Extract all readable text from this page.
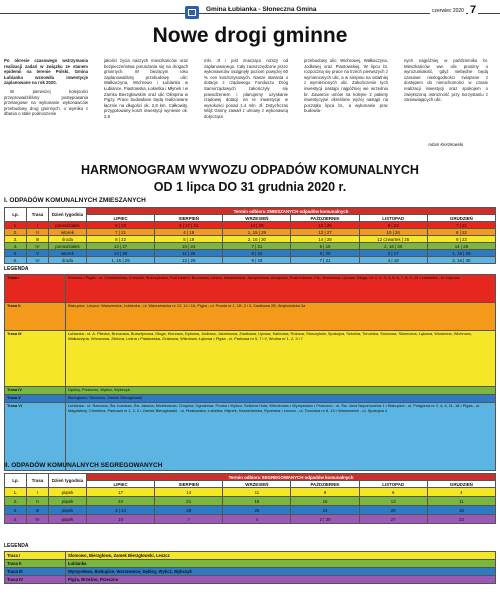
Gmina Łubianka - Słoneczna Gmina	czerwiec 2020 7
Nowe drogi gminne

Po okresie czasowego wstrzymania realizacji zadań w związku ze stanem epidemii na terenie Polski, Gmina Łubianka wznowiła inwestycje zaplanowane na rok 2020.

W pierwszej kolejności przeprowadziliśmy postępowania przetargowe na wykonanie wykonawców przebudowy drog gminnych, o wymiku z dbania o stale podnoszenie

jakości życia naszych mieszkańców oraz bezpieczeństwa poruszania się na drogach gminnych. W bieżącym roku zaplanowaliśmy przebudowę ulic: Wałkaczyna, Wichrowo i Łubianka w Łubiance, Piastowska, Łokietka i Młynek I w Zamku Bierzgłowskim oraz ulic Olimpina w Pigży. Prace budowlane będą realizowane łącznie na długości ok. 2,8 km. Całkowity, przygotowany koszt inwestycji wyniesie ok. 2,8

mln. zł i jest znacząco niższy od zaplanowanego. Cały zaoszczędzone przez wykonawców osiągnęły poziom powyżej 60 % cen kosztorysowych. Nasze starania o dotacje z rządowego Funduszu Dróg Samorządowych zakończyły się powodzeniem i planujemy uzyskanie rządowej dotacji na te inwestycje w wysokości ponad 1,4 mln. zł. Dotychczas Wójt Gminy zawarł z umowy z wykonawcą dotyczące

przebudowy ulic: Wichrowej, Wałkaczyna, Jodłowej oraz Piastowskiej. W lipcu br. rozpoczną się prace na trzech pierwszych z wymienionych ulic, a w sierpniu na ostatniej z wymienionych ulic. Zakończenie tych inwestycji nastąpi najpóźniej we wrześniu br. Zawarcie umów na kolejne 2 pakiety inwestycyjne określone wyżej nastąpi na początku lipca br., a wykonanie prac budowla-

nych najpóźniej w październiku br. Mieszkańców ww. ulic prosimy o wyrozumiałość, gdyż niebędne będą czasowe niedogodności związane z dostępem do nieruchomości w czasie realizacji inwestycji oraz spokojem o zwiększoną ostrożność przy korzystaniu z zamawiających ulic.

Adam Kierzkowski
HARMONOGRAM WYWOZU ODPADÓW KOMUNALNYCH
OD 1 lipca DO 31 grudnia 2020 r.
I. ODPADÓW KOMUNALNYCH ZMIESZANYCH
Lp.	Trasa	Dzień tygodnia	Termin odbioru ZMIESZANYCH odpadów komunalnych					
			LIPIEC	SIERPIEŃ	WRZESIEŃ	PAŹDZIERNIK	LISTOPAD	GRUDZIEŃ
1.	I	poniedziałek	6 | 20	3 | 17 | 31	14 | 28	12 | 26	9 | 23	7 | 21
2.	II	wtorek	7 | 21	4 | 18	1, 15 | 29	13 | 27	10 | 24	8 | 22
3.	III	środa	8 | 22	5 | 19	2, 16 | 30	14 | 28	12 czwartek | 25	9 | 23
4.	IV	poniedziałek	13 | 27	10 | 24	7 | 21	5 | 19	2, 16 | 30	14 | 28
5.	V	wtorek	14 | 28	11 | 25	8 | 22	6 | 20	3 | 17	1, 15 | 29
6.	VI	środa	1, 15 | 29	12 | 26	9 | 23	7 | 21	4 | 18	2, 16 | 30
LEGENDA
Trasa I	Brzeźno • Pigża - ul. Chwalowicka, Konwalii, Storczykowa, Pod Lasem, Brzozowa, Leśna, Kasztanowa, Jarzębinowa, Akacjowa, Poziomkowa, Cis, Jesionowa, Lipowa, Długa, Ul. 1, 2, 3, 4, 5, 6, 7, 8, 9, 10 • Łubianka - ul. Łąkowa
Trasa II	Biskupice, Leszcz, Warszewice, Łubianka - ul. Warszewicka nr 12, 14 i 16, Pigża - ul. Prosta nr 1, 1B, 2 i 3, Zaułkowa 2B, Wojewódzka 3a
Trasa III	Łubianka - ul. A. Pilecka, Brzozowa, Bursztynowa, Długa, Klonowa, Dębowa, Jodłowa, Jaśminowa, Zaułkowa, Lipowa, Kalinowa, Różana, Storczyków, Spokojna, Szkolna, Toruńska, Sosnowa, Słoneczna, Łąkowa, Wiosenna, Wichrowo, Wałkaczyna, Wrzosowa, Zielona, Leśna • Piastowska, Grabowa, Wiśniowa, Łąkowa • Pigża - ul. Parkowa nr 5, 7 i 9, Wodna nr 1, 2, 3 i 7
Trasa IV	Dębiny, Przeczno, Wybcz, Wybczyk.
Trasa V	Bierzgłowo, Słomowo, Zamek Bierzgłowski.
Trasa VI	Łubianka - ul. Rzeczna, Św. Łukasza, Św. Jakuba, Mickiewicza, Chopina, Ogrodowa, Prosta • Wybcz, Szklana Huta, Wierzbowa • Wymysłowo • Przeczno - ul. Św. Jana Nepomucena 1 • Biskupice - ul. Podgórna nr 2, 4, 6, 11, 18 • Pigża - ul. Magdaleny, Chmielna, Parkowa nr 1, 2, 3 • Zamek Bierzgłowski - ul. Piastowska, Łokietka, Młynek, Kasztelańska, Rycerska • Leszcz - ul. Toruńska nr 8, 13 • Warszewice - ul. Spokojna 4
II. ODPADÓW KOMUNALNYCH SEGREGOWANYCH
Lp.	Trasa	Dzień tygodnia	Termin odbioru SEGREGOWANYCH odpadów komunalnych					
			LIPIEC	SIERPIEŃ	WRZESIEŃ	PAŹDZIERNIK	LISTOPAD	GRUDZIEŃ
1.	I	piątek	17	14	11	9	6	4
2.	II	piątek	24	21	18	16	13	11
3.	III	piątek	3 | 24	28	25	23	20	18
4.	IV	piątek	10	7	4	2 | 30	27	23
LEGENDA
Trasa I	Słomowo, Bierzgłowo, Zamek Bierzgłowski, Leszcz
Trasa II	Łubianka
Trasa III	Wymysłowo, Biskupice, Warszewice, Dębiny, Wybcz, Wybczyk
Trasa IV	Pigża, Brzeźno, Przeczno
